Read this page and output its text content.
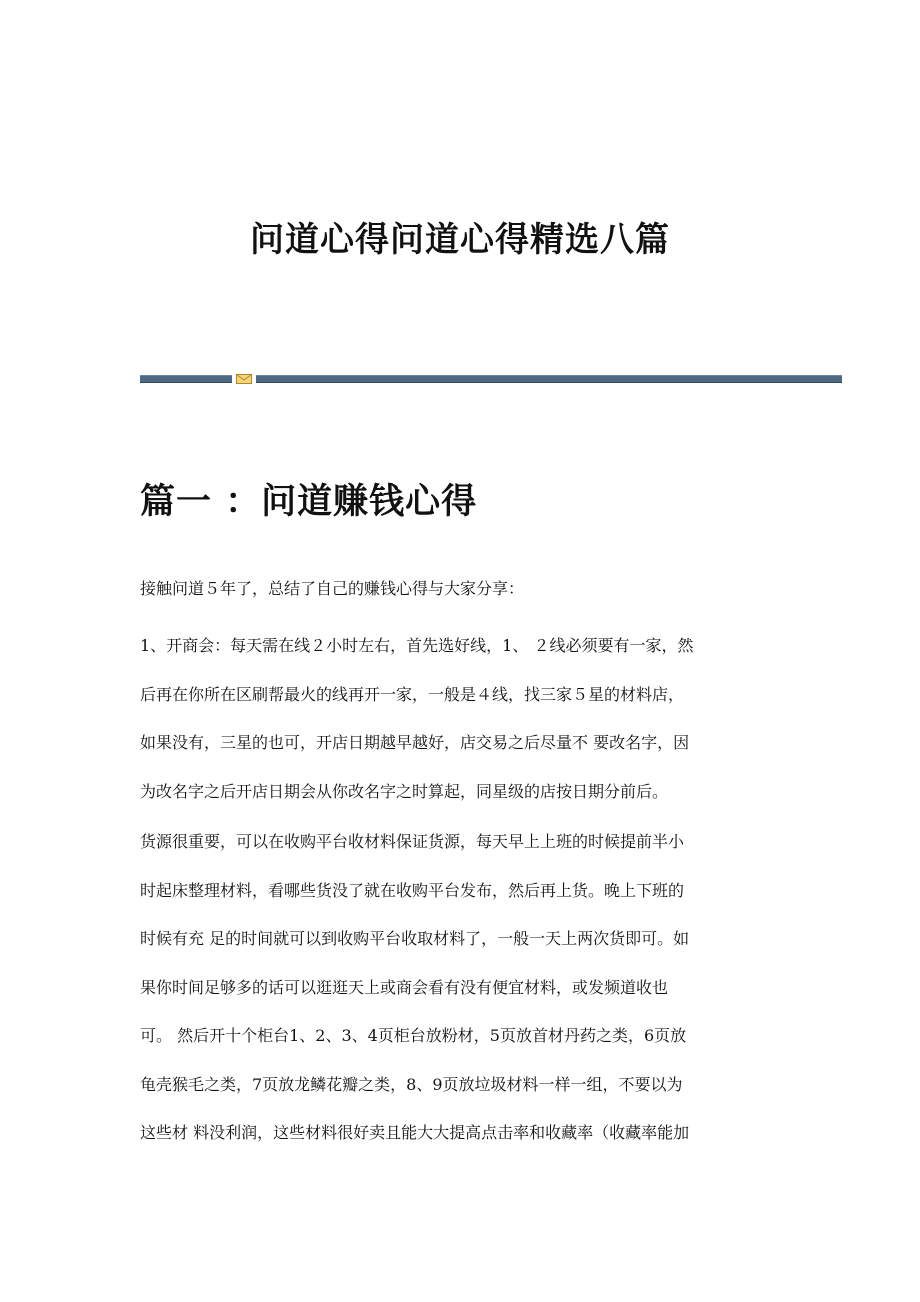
问道心得问道心得精选八篇
篇一 ：问道赚钱心得
接触问道５年了，总结了自己的赚钱心得与大家分享：
1、开商会：每天需在线２小时左右，首先选好线，1、 ２线必须要有一家，然
后再在你所在区刷帮最火的线再开一家，一般是４线，找三家５星的材料店，
如果没有，三星的也可，开店日期越早越好，店交易之后尽量不 要改名字，因
为改名字之后开店日期会从你改名字之时算起，同星级的店按日期分前后。
货源很重要，可以在收购平台收材料保证货源，每天早上上班的时候提前半小
时起床整理材料，看哪些货没了就在收购平台发布，然后再上货。晚上下班的
时候有充 足的时间就可以到收购平台收取材料了，一般一天上两次货即可。如
果你时间足够多的话可以逛逛天上或商会看有没有便宜材料，或发频道收也
可。 然后开十个柜台1、2、3、4页柜台放粉材，5页放首材丹药之类，6页放
龟壳猴毛之类，7页放龙鳞花瓣之类，8、9页放垃圾材料一样一组，不要以为
这些材 料没利润，这些材料很好卖且能大大提高点击率和收藏率（收藏率能加
